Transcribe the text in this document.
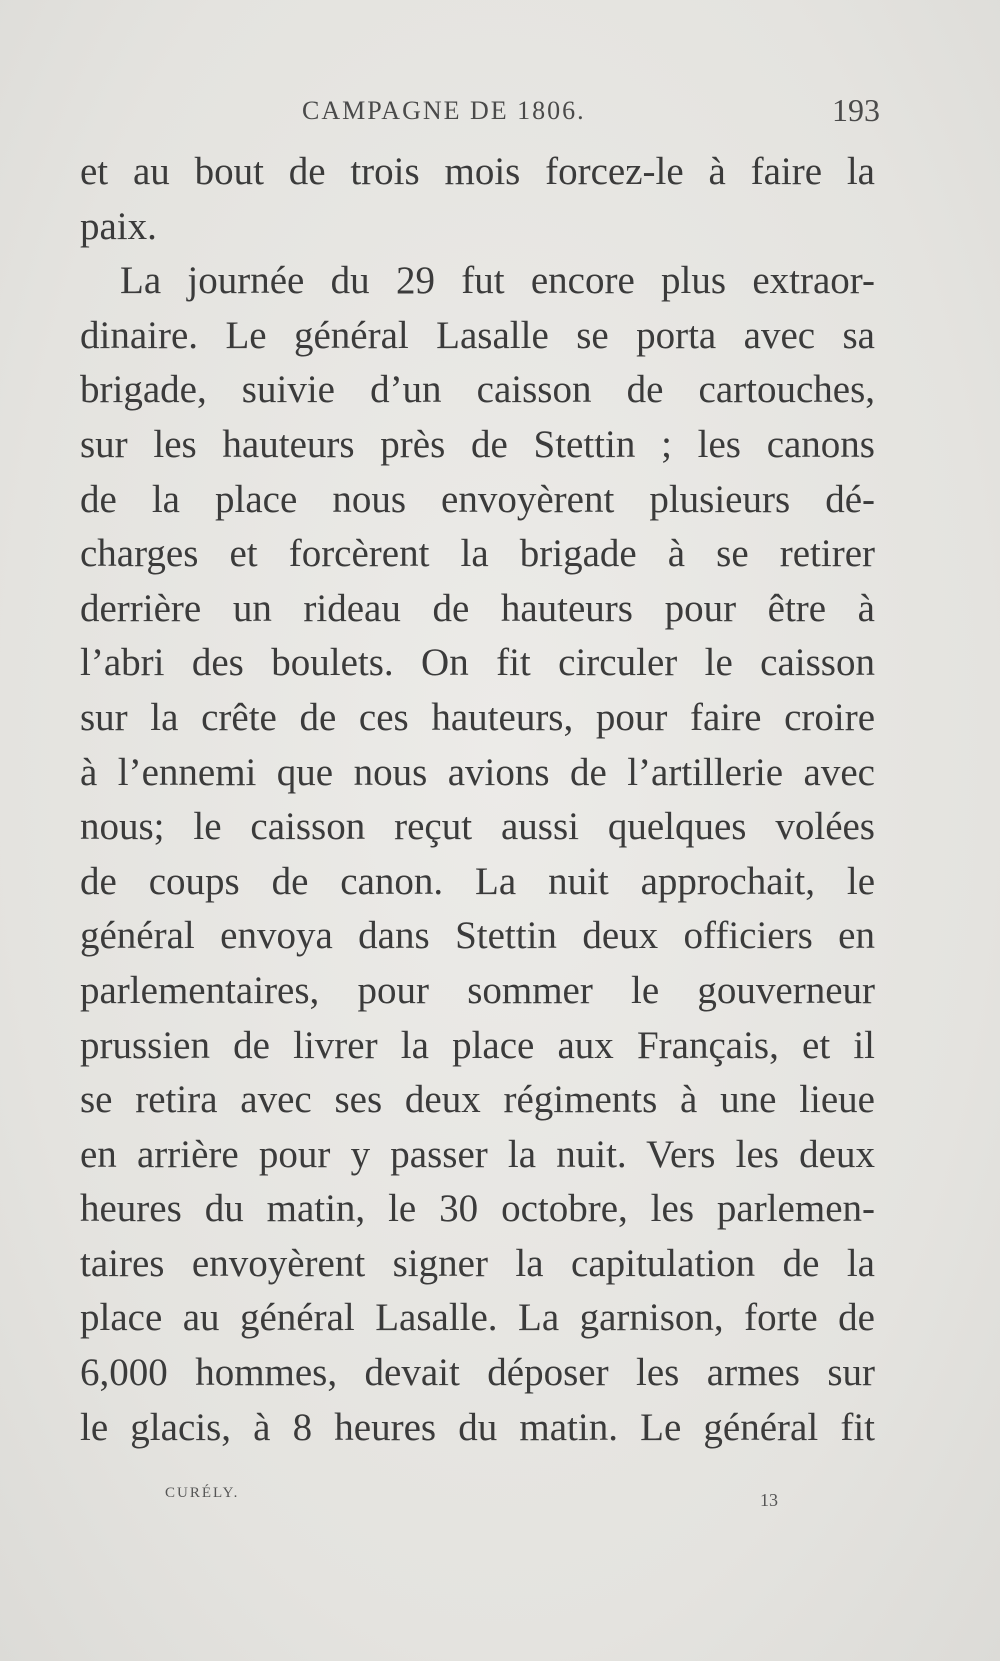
CAMPAGNE DE 1806.	193
et au bout de trois mois forcez-le à faire la
paix.
La journée du 29 fut encore plus extraor-
dinaire. Le général Lasalle se porta avec sa
brigade, suivie d’un caisson de cartouches,
sur les hauteurs près de Stettin ; les canons
de la place nous envoyèrent plusieurs dé-
charges et forcèrent la brigade à se retirer
derrière un rideau de hauteurs pour être à
l’abri des boulets. On fit circuler le caisson
sur la crête de ces hauteurs, pour faire croire
à l’ennemi que nous avions de l’artillerie avec
nous; le caisson reçut aussi quelques volées
de coups de canon. La nuit approchait, le
général envoya dans Stettin deux officiers en
parlementaires, pour sommer le gouverneur
prussien de livrer la place aux Français, et il
se retira avec ses deux régiments à une lieue
en arrière pour y passer la nuit. Vers les deux
heures du matin, le 30 octobre, les parlemen-
taires envoyèrent signer la capitulation de la
place au général Lasalle. La garnison, forte de
6,000 hommes, devait déposer les armes sur
le glacis, à 8 heures du matin. Le général fit
CURÉLY.	13
